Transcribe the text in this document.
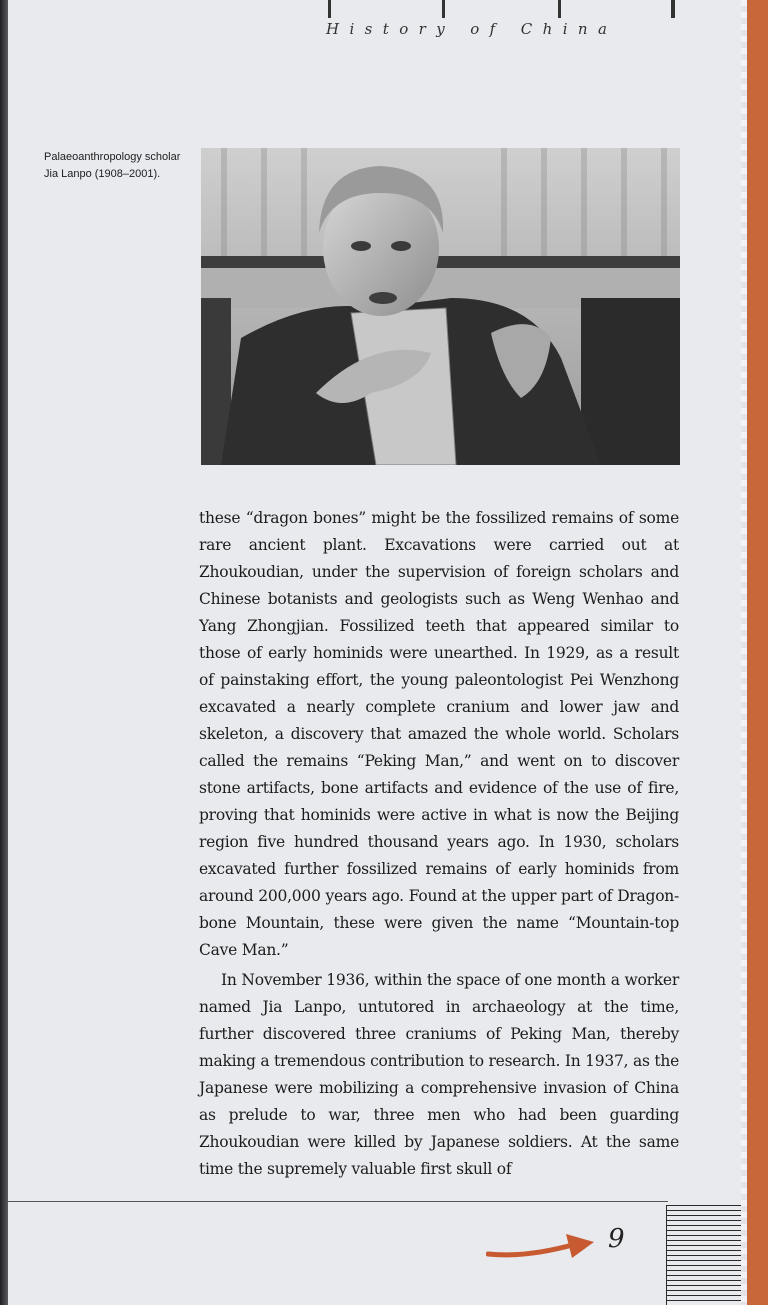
History of China
Palaeoanthropology scholar Jia Lanpo (1908–2001).

these “dragon bones” might be the fossilized remains of some rare ancient plant. Excavations were carried out at Zhoukoudian, under the supervision of foreign scholars and Chinese botanists and geologists such as Weng Wenhao and Yang Zhongjian. Fossilized teeth that appeared similar to those of early hominids were unearthed. In 1929, as a result of painstaking effort, the young paleontologist Pei Wenzhong excavated a nearly complete cranium and lower jaw and skeleton, a discovery that amazed the whole world. Scholars called the remains “Peking Man,” and went on to discover stone artifacts, bone artifacts and evidence of the use of fire, proving that hominids were active in what is now the Beijing region five hundred thousand years ago. In 1930, scholars excavated further fossilized remains of early hominids from around 200,000 years ago. Found at the upper part of Dragon-bone Mountain, these were given the name “Mountain-top Cave Man.”

In November 1936, within the space of one month a worker named Jia Lanpo, untutored in archaeology at the time, further discovered three craniums of Peking Man, thereby making a tremendous contribution to research. In 1937, as the Japanese were mobilizing a comprehensive invasion of China as prelude to war, three men who had been guarding Zhoukoudian were killed by Japanese soldiers. At the same time the supremely valuable first skull of

9
